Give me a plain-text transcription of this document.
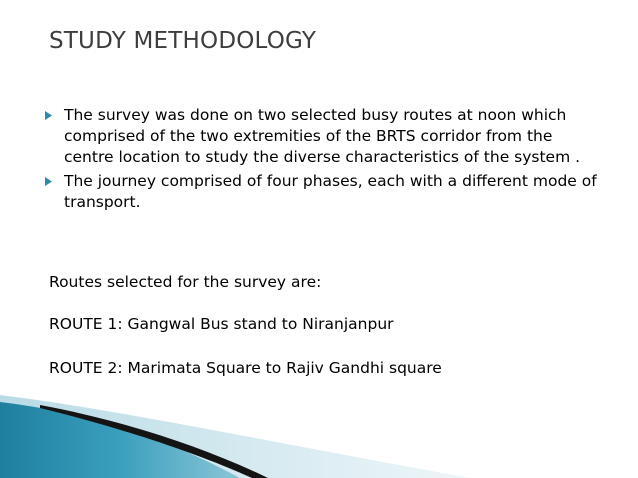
STUDY METHODOLOGY
The survey was done on two selected busy routes at noon which comprised of the two extremities of the BRTS corridor from the centre location to study the diverse characteristics of the system .
The journey comprised of four phases, each with a different mode of transport.
Routes selected for the survey are:
ROUTE 1: Gangwal Bus stand to Niranjanpur
ROUTE 2: Marimata Square to Rajiv Gandhi square
